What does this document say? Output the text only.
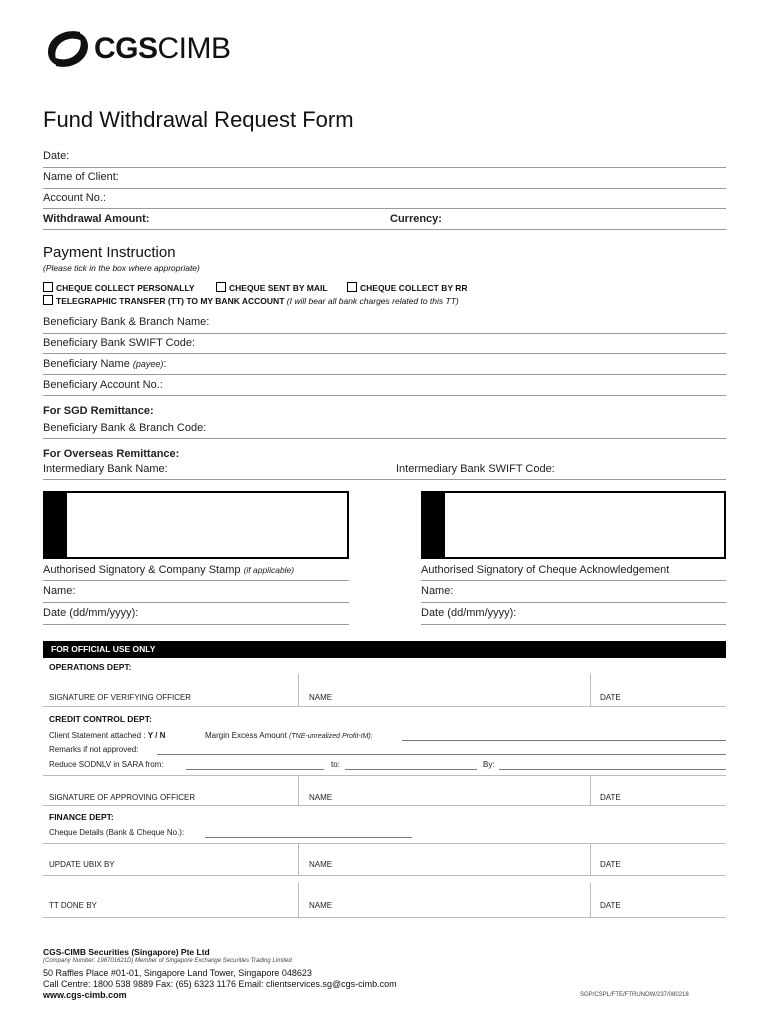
CGSCIMB
Fund Withdrawal Request Form
Date:
Name of Client:
Account No.:
Withdrawal Amount:	Currency:
Payment Instruction
(Please tick in the box where appropriate)
CHEQUE COLLECT PERSONALLY	CHEQUE SENT BY MAIL	CHEQUE COLLECT BY RR
TELEGRAPHIC TRANSFER (TT) TO MY BANK ACCOUNT (I will bear all bank charges related to this TT)
Beneficiary Bank & Branch Name:
Beneficiary Bank SWIFT Code:
Beneficiary Name (payee):
Beneficiary Account No.:
For SGD Remittance:
Beneficiary Bank & Branch Code:
For Overseas Remittance:
Intermediary Bank Name:	Intermediary Bank SWIFT Code:
Authorised Signatory & Company Stamp (if applicable)
Name:
Date (dd/mm/yyyy):
Authorised Signatory of Cheque Acknowledgement
Name:
Date (dd/mm/yyyy):
FOR OFFICIAL USE ONLY
OPERATIONS DEPT:
SIGNATURE OF VERIFYING OFFICER	NAME	DATE
CREDIT CONTROL DEPT:
Client Statement attached : Y / N	Margin Excess Amount (TNE-unrealized Profit-IM):
Remarks if not approved:
Reduce SODNLV in SARA from:	to:	By:
SIGNATURE OF APPROVING OFFICER	NAME	DATE
FINANCE DEPT:
Cheque Details (Bank & Cheque No.):
UPDATE UBIX BY	NAME	DATE
TT DONE BY	NAME	DATE
CGS-CIMB Securities (Singapore) Pte Ltd
(Company Number: 198701621D) Member of Singapore Exchange Securities Trading Limited
50 Raffles Place #01-01, Singapore Land Tower, Singapore 048623
Call Centre: 1800 538 9889 Fax: (65) 6323 1176 Email: clientservices.sg@cgs-cimb.com
www.cgs-cimb.com	SGP/CSPL/FTE/FTRUNOW/237/080218
